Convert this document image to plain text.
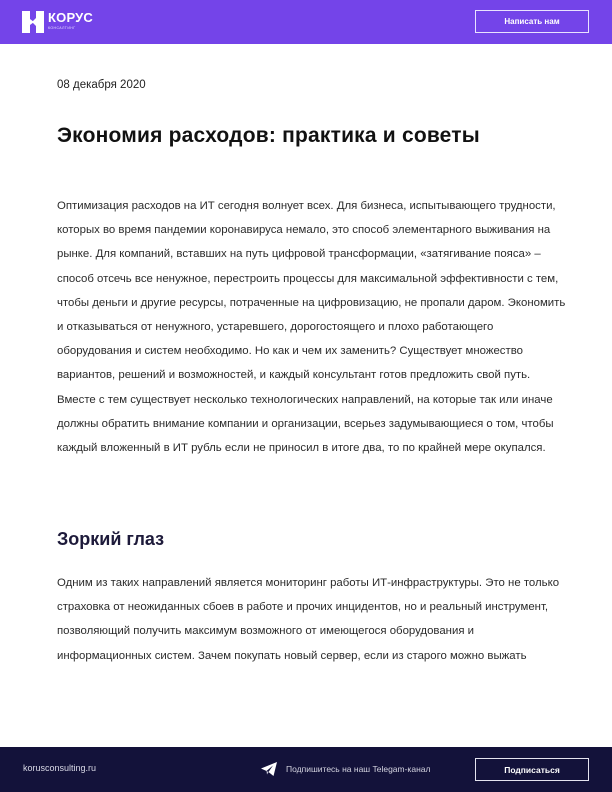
КОРУС
КОНСАЛТИНГ
Написать нам
08 декабря 2020
Экономия расходов: практика и советы

Оптимизация расходов на ИТ сегодня волнует всех. Для бизнеса, испытывающего трудности, которых во время пандемии коронавируса немало, это способ элементарного выживания на рынке. Для компаний, вставших на путь цифровой трансформации, «затягивание пояса» – способ отсечь все ненужное, перестроить процессы для максимальной эффективности с тем, чтобы деньги и другие ресурсы, потраченные на цифровизацию, не пропали даром. Экономить и отказываться от ненужного, устаревшего, дорогостоящего и плохо работающего оборудования и систем необходимо. Но как и чем их заменить? Существует множество вариантов, решений и возможностей, и каждый консультант готов предложить свой путь. Вместе с тем существует несколько технологических направлений, на которые так или иначе должны обратить внимание компании и организации, всерьез задумывающиеся о том, чтобы каждый вложенный в ИТ рубль если не приносил в итоге два, то по крайней мере окупался.

Зоркий глаз

Одним из таких направлений является мониторинг работы ИТ-инфраструктуры. Это не только страховка от неожиданных сбоев в работе и прочих инцидентов, но и реальный инструмент, позволяющий получить максимум возможного от имеющегося оборудования и информационных систем. Зачем покупать новый сервер, если из старого можно выжать

korusconsulting.ru	Подпишитесь на наш Telegam-канал	Подписаться
